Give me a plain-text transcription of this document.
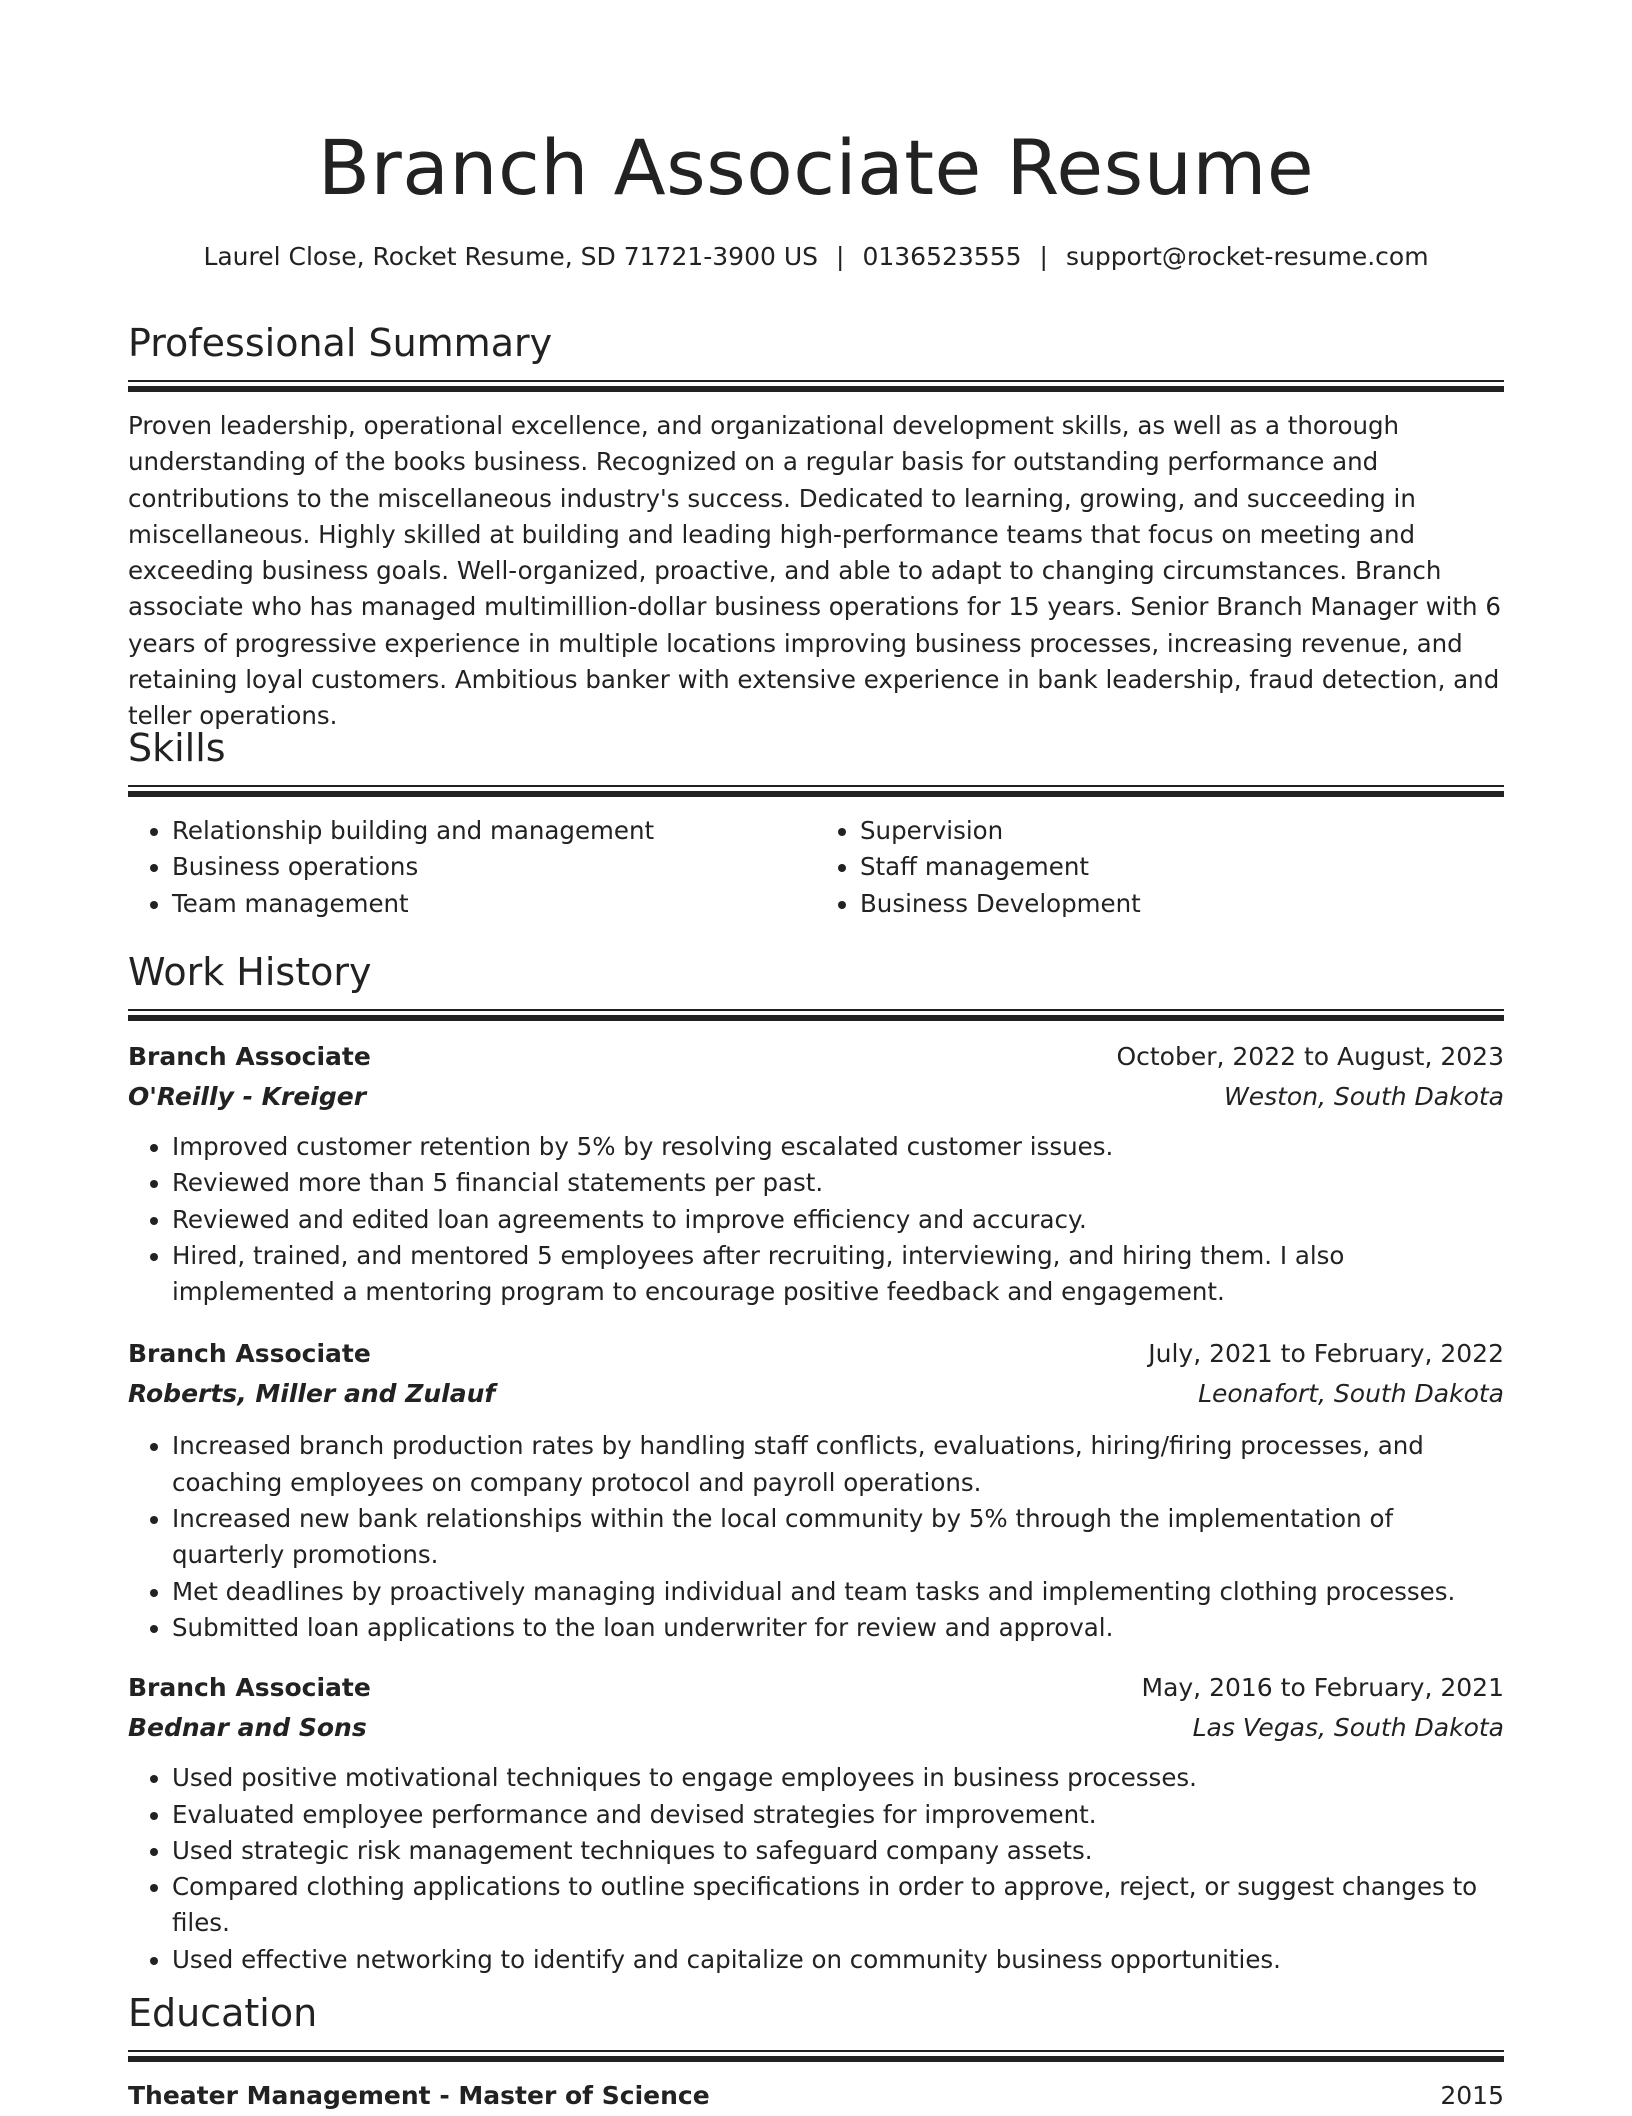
Branch Associate Resume
Laurel Close, Rocket Resume, SD 71721-3900 US | 0136523555 | support@rocket-resume.com
Professional Summary

Proven leadership, operational excellence, and organizational development skills, as well as a thorough understanding of the books business. Recognized on a regular basis for outstanding performance and contributions to the miscellaneous industry's success. Dedicated to learning, growing, and succeeding in miscellaneous. Highly skilled at building and leading high-performance teams that focus on meeting and exceeding business goals. Well-organized, proactive, and able to adapt to changing circumstances. Branch associate who has managed multimillion-dollar business operations for 15 years. Senior Branch Manager with 6 years of progressive experience in multiple locations improving business processes, increasing revenue, and retaining loyal customers. Ambitious banker with extensive experience in bank leadership, fraud detection, and teller operations.

Skills
• Relationship building and management
• Business operations
• Team management
• Supervision
• Staff management
• Business Development
Work History
Branch Associate	October, 2022 to August, 2023
O'Reilly - Kreiger	Weston, South Dakota
• Improved customer retention by 5% by resolving escalated customer issues.
• Reviewed more than 5 financial statements per past.
• Reviewed and edited loan agreements to improve efficiency and accuracy.
• Hired, trained, and mentored 5 employees after recruiting, interviewing, and hiring them. I also implemented a mentoring program to encourage positive feedback and engagement.
Branch Associate	July, 2021 to February, 2022
Roberts, Miller and Zulauf	Leonafort, South Dakota
• Increased branch production rates by handling staff conflicts, evaluations, hiring/firing processes, and coaching employees on company protocol and payroll operations.
• Increased new bank relationships within the local community by 5% through the implementation of quarterly promotions.
• Met deadlines by proactively managing individual and team tasks and implementing clothing processes.
• Submitted loan applications to the loan underwriter for review and approval.
Branch Associate	May, 2016 to February, 2021
Bednar and Sons	Las Vegas, South Dakota
• Used positive motivational techniques to engage employees in business processes.
• Evaluated employee performance and devised strategies for improvement.
• Used strategic risk management techniques to safeguard company assets.
• Compared clothing applications to outline specifications in order to approve, reject, or suggest changes to files.
• Used effective networking to identify and capitalize on community business opportunities.
Education
Theater Management - Master of Science	2015
